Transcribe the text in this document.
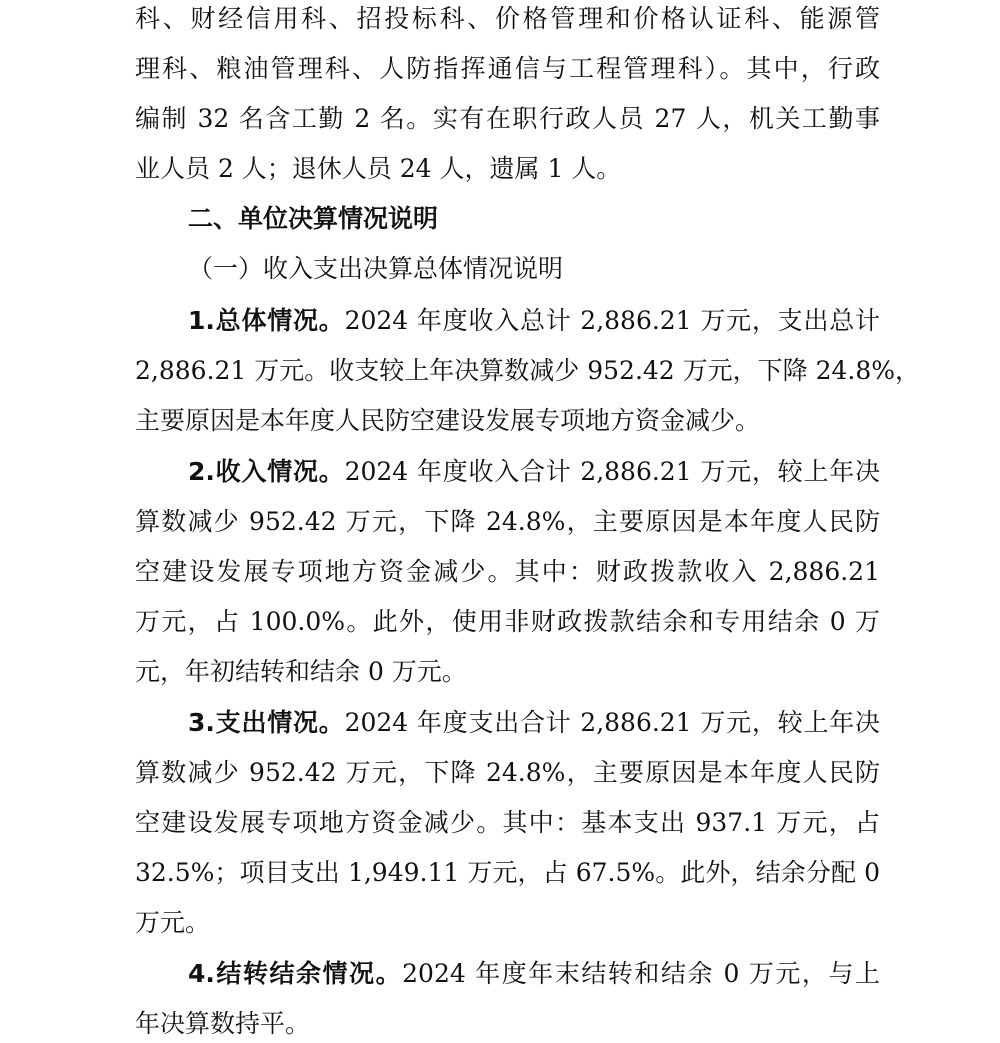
科、财经信用科、招投标科、价格管理和价格认证科、能源管
理科、粮油管理科、人防指挥通信与工程管理科）。其中，行政
编制 32 名含工勤 2 名。实有在职行政人员 27 人，机关工勤事
业人员 2 人；退休人员 24 人，遗属 1 人。
二、单位决算情况说明
（一）收入支出决算总体情况说明
1.总体情况。2024 年度收入总计 2,886.21 万元，支出总计
2,886.21 万元。收支较上年决算数减少 952.42 万元，下降 24.8%，
主要原因是本年度人民防空建设发展专项地方资金减少。
2.收入情况。2024 年度收入合计 2,886.21 万元，较上年决
算数减少 952.42 万元，下降 24.8%，主要原因是本年度人民防
空建设发展专项地方资金减少。其中：财政拨款收入 2,886.21
万元，占 100.0%。此外，使用非财政拨款结余和专用结余 0 万
元，年初结转和结余 0 万元。
3.支出情况。2024 年度支出合计 2,886.21 万元，较上年决
算数减少 952.42 万元，下降 24.8%，主要原因是本年度人民防
空建设发展专项地方资金减少。其中：基本支出 937.1 万元，占
32.5%；项目支出 1,949.11 万元，占 67.5%。此外，结余分配 0
万元。
4.结转结余情况。2024 年度年末结转和结余 0 万元，与上
年决算数持平。
